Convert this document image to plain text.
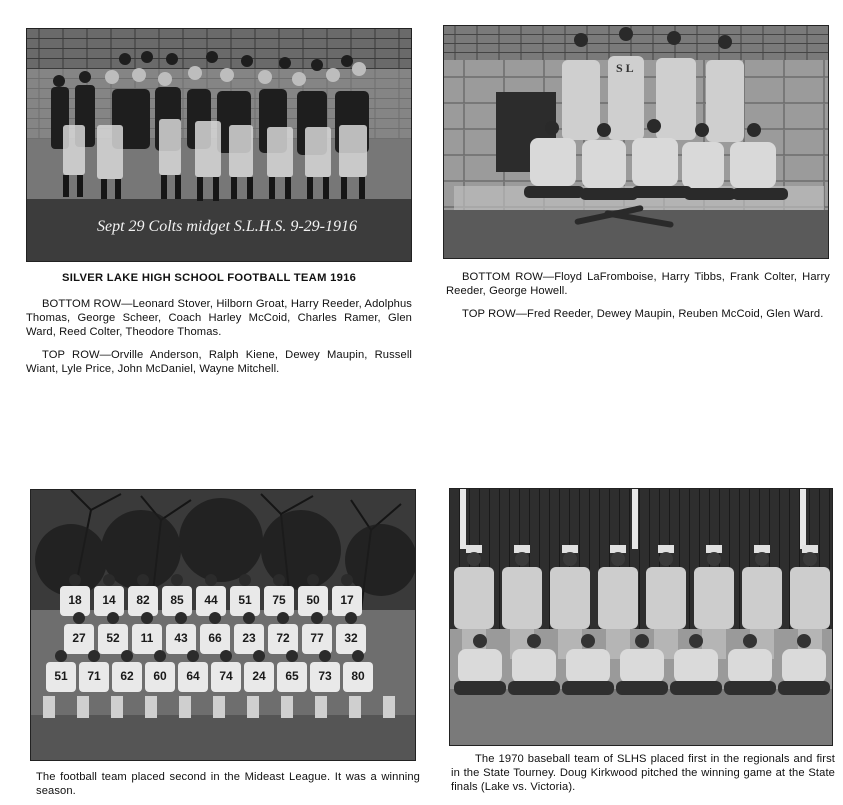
Sept 29 Colts midget S.L.H.S. 9-29-1916
SILVER LAKE HIGH SCHOOL FOOTBALL TEAM 1916

BOTTOM ROW—Leonard Stover, Hilborn Groat, Harry Reeder, Adolphus Thomas, George Scheer, Coach Harley McCoid, Charles Ramer, Glen Ward, Reed Colter, Theodore Thomas.

TOP ROW—Orville Anderson, Ralph Kiene, Dewey Maupin, Russell Wiant, Lyle Price, John McDaniel, Wayne Mitchell.

S L

BOTTOM ROW—Floyd LaFromboise, Harry Tibbs, Frank Colter, Harry Reeder, George Howell.

TOP ROW—Fred Reeder, Dewey Maupin, Reuben McCoid, Glen Ward.

18 14 82 85 44 51 75 50 17
27 52 11 43 66 23 72 77 32
51 71 62 60 64 74 24 65 73 80

The football team placed second in the Mideast League. It was a winning season.

The 1970 baseball team of SLHS placed first in the regionals and first in the State Tourney. Doug Kirkwood pitched the winning game at the State finals (Lake vs. Victoria).
